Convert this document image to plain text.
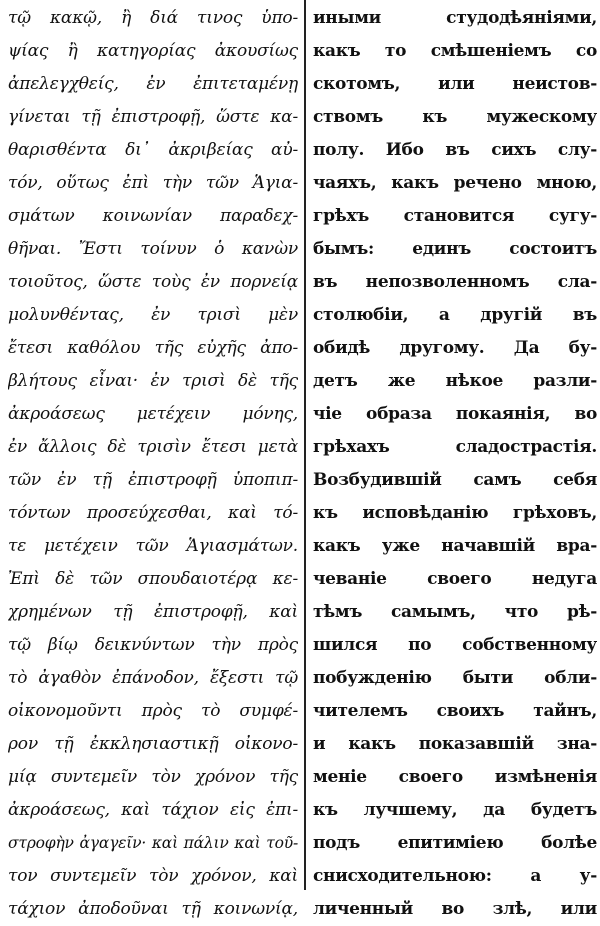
τῷ κακῷ, ἢ διά τινος ὑπο-
ψίας ἢ κατηγορίας ἀκουσίως
ἀπελεγχθείς, ἐν ἐπιτεταμένῃ
γίνεται τῇ ἐπιστροφῇ, ὥστε κα-
θαρισθέντα δι᾽ ἀκριβείας αὐ-
τόν, οὕτως ἐπὶ τὴν τῶν Ἁγια-
σμάτων κοινωνίαν παραδεχ-
θῆναι. Ἔστι τοίνυν ὁ κανὼν
τοιοῦτος, ὥστε τοὺς ἐν πορνείᾳ
μολυνθέντας, ἐν τρισὶ μὲν
ἔτεσι καθόλου τῆς εὐχῆς ἀπο-
βλήτους εἶναι· ἐν τρισὶ δὲ τῆς
ἀκροάσεως μετέχειν μόνης,
ἐν ἄλλοις δὲ τρισὶν ἔτεσι μετὰ
τῶν ἐν τῇ ἐπιστροφῇ ὑποπιπ-
τόντων προσεύχεσθαι, καὶ τό-
τε μετέχειν τῶν Ἁγιασμάτων.
Ἐπὶ δὲ τῶν σπουδαιοτέρᾳ κε-
χρημένων τῇ ἐπιστροφῇ, καὶ
τῷ βίῳ δεικνύντων τὴν πρὸς
τὸ ἀγαθὸν ἐπάνοδον, ἔξεστι τῷ
οἰκονομοῦντι πρὸς τὸ συμφέ-
ρον τῇ ἐκκλησιαστικῇ οἰκονο-
μίᾳ συντεμεῖν τὸν χρόνον τῆς
ἀκροάσεως, καὶ τάχιον εἰς ἐπι-
στροφὴν ἀγαγεῖν· καὶ πάλιν καὶ τοῦ-
τον συντεμεῖν τὸν χρόνον, καὶ
τάχιον ἀποδοῦναι τῇ κοινωνίᾳ,
иными студодѣяніями,
какъ то смѣшеніемъ со
скотомъ, или неистов-
ствомъ къ мужескому
полу. Ибо въ сихъ слу-
чаяхъ, какъ речено мною,
грѣхъ становится сугу-
бымъ: единъ состоитъ
въ непозволенномъ сла-
столюбіи, а другій въ
обидѣ другому. Да бу-
детъ же нѣкое разли-
чіе образа покаянія, во
грѣхахъ сладострастія.
Возбудившій самъ себя
къ исповѣданію грѣховъ,
какъ уже начавшій вра-
чеваніе своего недуга
тѣмъ самымъ, что рѣ-
шился по собственному
побужденію быти обли-
чителемъ своихъ тайнъ,
и какъ показавшій зна-
меніе своего измѣненія
къ лучшему, да будетъ
подъ епитиміею болѣе
снисходительною: а у-
личенный во злѣ, или
